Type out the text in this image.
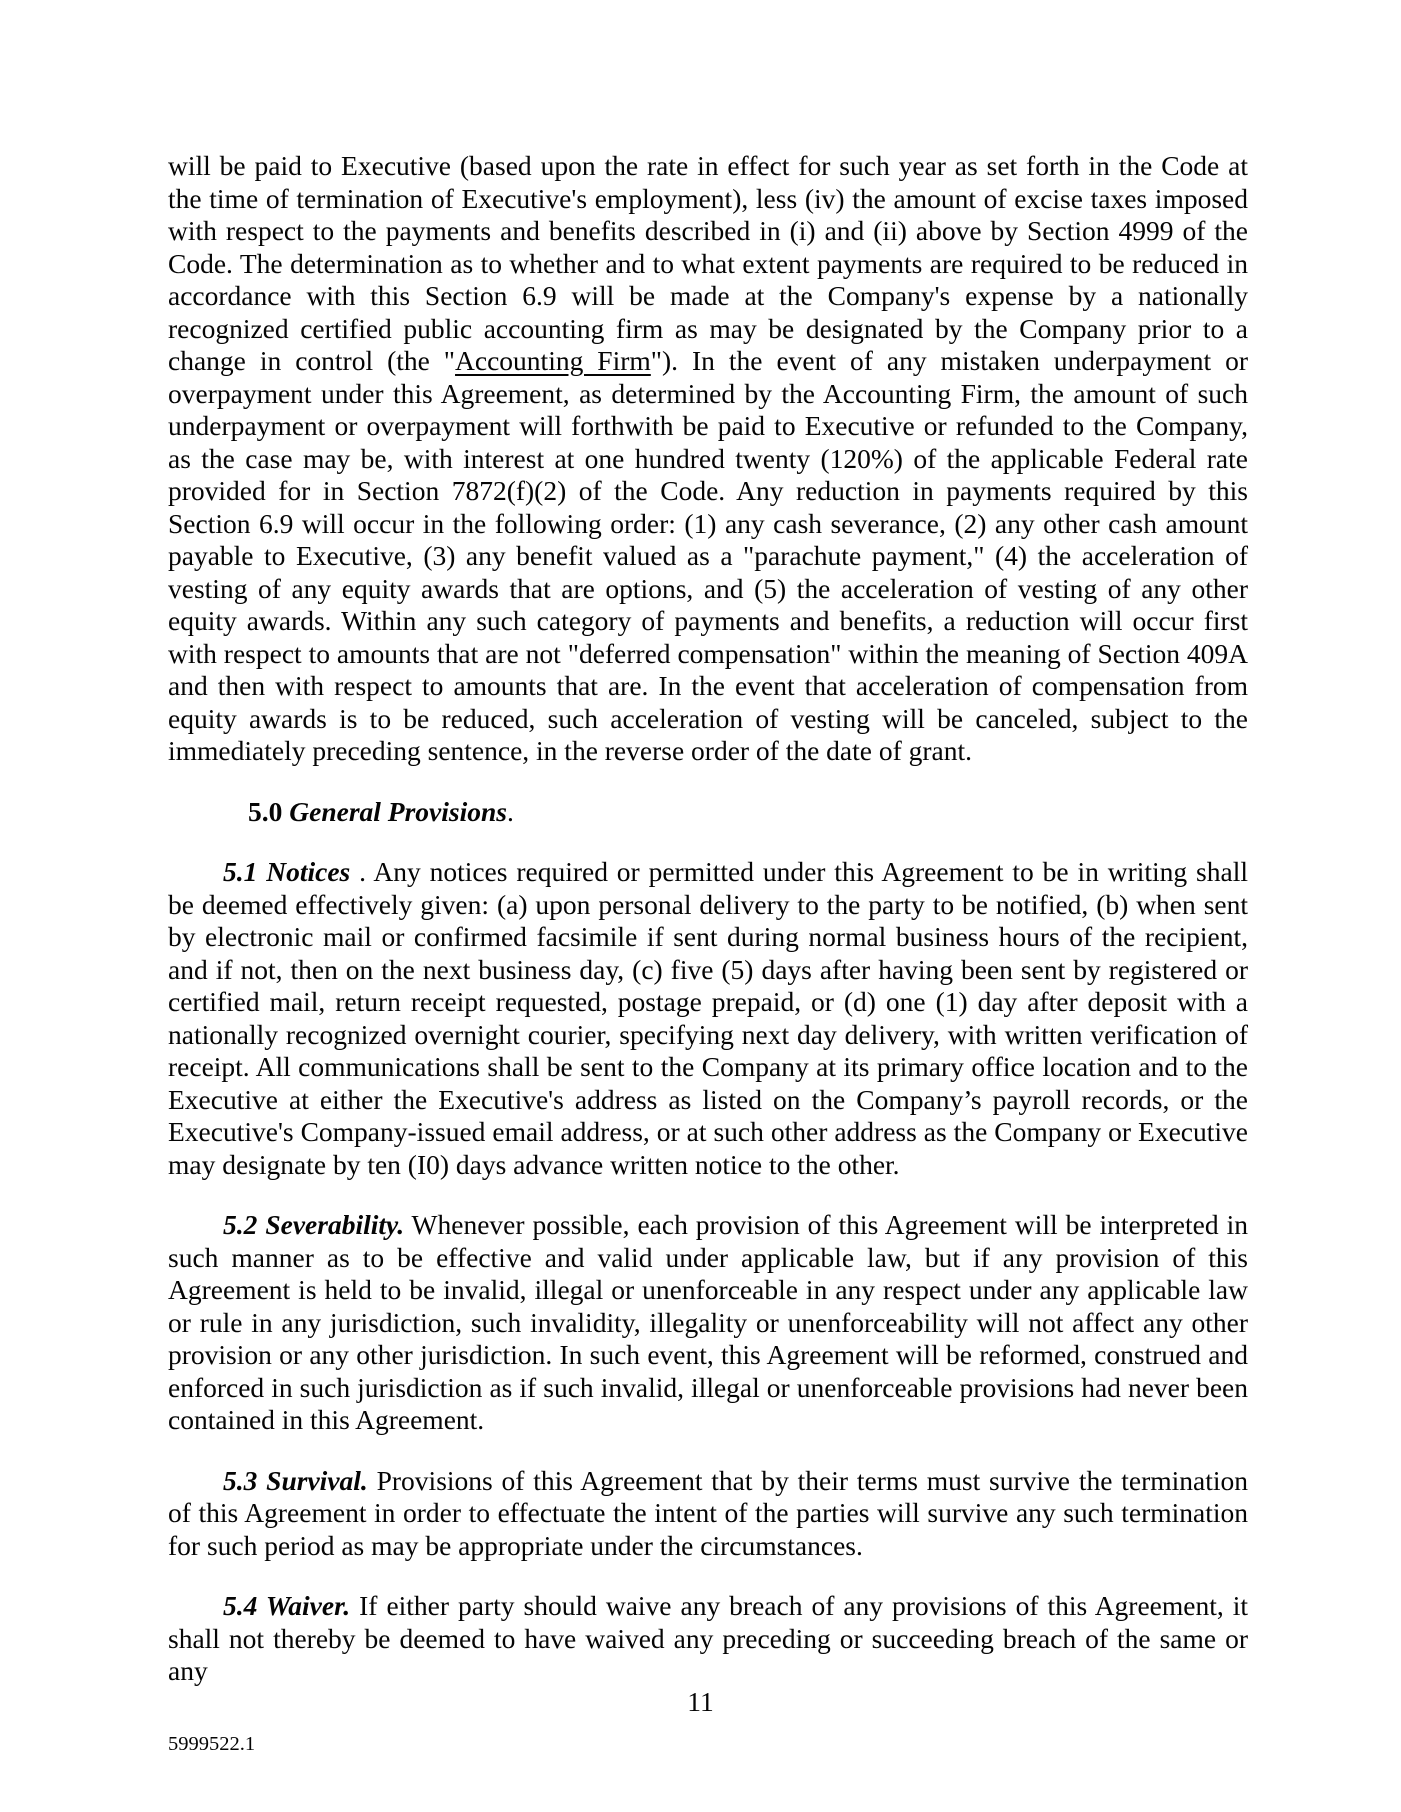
will be paid to Executive (based upon the rate in effect for such year as set forth in the Code at the time of termination of Executive's employment), less (iv) the amount of excise taxes imposed with respect to the payments and benefits described in (i) and (ii) above by Section 4999 of the Code. The determination as to whether and to what extent payments are required to be reduced in accordance with this Section 6.9 will be made at the Company's expense by a nationally recognized certified public accounting firm as may be designated by the Company prior to a change in control (the "Accounting Firm"). In the event of any mistaken underpayment or overpayment under this Agreement, as determined by the Accounting Firm, the amount of such underpayment or overpayment will forthwith be paid to Executive or refunded to the Company, as the case may be, with interest at one hundred twenty (120%) of the applicable Federal rate provided for in Section 7872(f)(2) of the Code. Any reduction in payments required by this Section 6.9 will occur in the following order: (1) any cash severance, (2) any other cash amount payable to Executive, (3) any benefit valued as a "parachute payment," (4) the acceleration of vesting of any equity awards that are options, and (5) the acceleration of vesting of any other equity awards. Within any such category of payments and benefits, a reduction will occur first with respect to amounts that are not "deferred compensation" within the meaning of Section 409A and then with respect to amounts that are. In the event that acceleration of compensation from equity awards is to be reduced, such acceleration of vesting will be canceled, subject to the immediately preceding sentence, in the reverse order of the date of grant.

5.0 General Provisions.

5.1 Notices . Any notices required or permitted under this Agreement to be in writing shall be deemed effectively given: (a) upon personal delivery to the party to be notified, (b) when sent by electronic mail or confirmed facsimile if sent during normal business hours of the recipient, and if not, then on the next business day, (c) five (5) days after having been sent by registered or certified mail, return receipt requested, postage prepaid, or (d) one (1) day after deposit with a nationally recognized overnight courier, specifying next day delivery, with written verification of receipt. All communications shall be sent to the Company at its primary office location and to the Executive at either the Executive's address as listed on the Company’s payroll records, or the Executive's Company-issued email address, or at such other address as the Company or Executive may designate by ten (I0) days advance written notice to the other.

5.2 Severability. Whenever possible, each provision of this Agreement will be interpreted in such manner as to be effective and valid under applicable law, but if any provision of this Agreement is held to be invalid, illegal or unenforceable in any respect under any applicable law or rule in any jurisdiction, such invalidity, illegality or unenforceability will not affect any other provision or any other jurisdiction. In such event, this Agreement will be reformed, construed and enforced in such jurisdiction as if such invalid, illegal or unenforceable provisions had never been contained in this Agreement.

5.3 Survival. Provisions of this Agreement that by their terms must survive the termination of this Agreement in order to effectuate the intent of the parties will survive any such termination for such period as may be appropriate under the circumstances.

5.4 Waiver. If either party should waive any breach of any provisions of this Agreement, it shall not thereby be deemed to have waived any preceding or succeeding breach of the same or any

11
5999522.1
